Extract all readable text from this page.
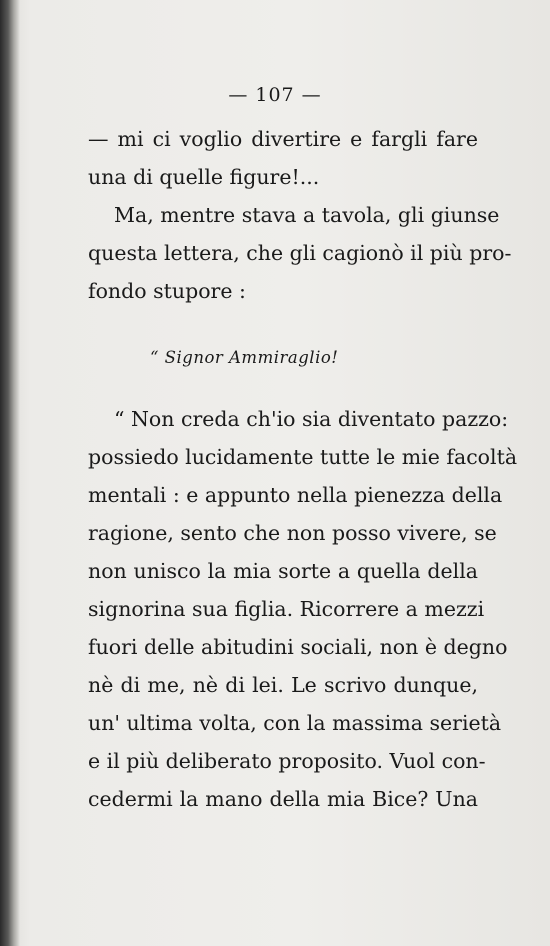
— 107 —
— mi ci voglio divertire e fargli fare
una di quelle figure!...
Ma, mentre stava a tavola, gli giunse
questa lettera, che gli cagionò il più pro-
fondo stupore :
“ Signor Ammiraglio!
“ Non creda ch'io sia diventato pazzo:
possiedo lucidamente tutte le mie facoltà
mentali : e appunto nella pienezza della
ragione, sento che non posso vivere, se
non unisco la mia sorte a quella della
signorina sua figlia. Ricorrere a mezzi
fuori delle abitudini sociali, non è degno
nè di me, nè di lei. Le scrivo dunque,
un' ultima volta, con la massima serietà
e il più deliberato proposito. Vuol con-
cedermi la mano della mia Bice? Una
